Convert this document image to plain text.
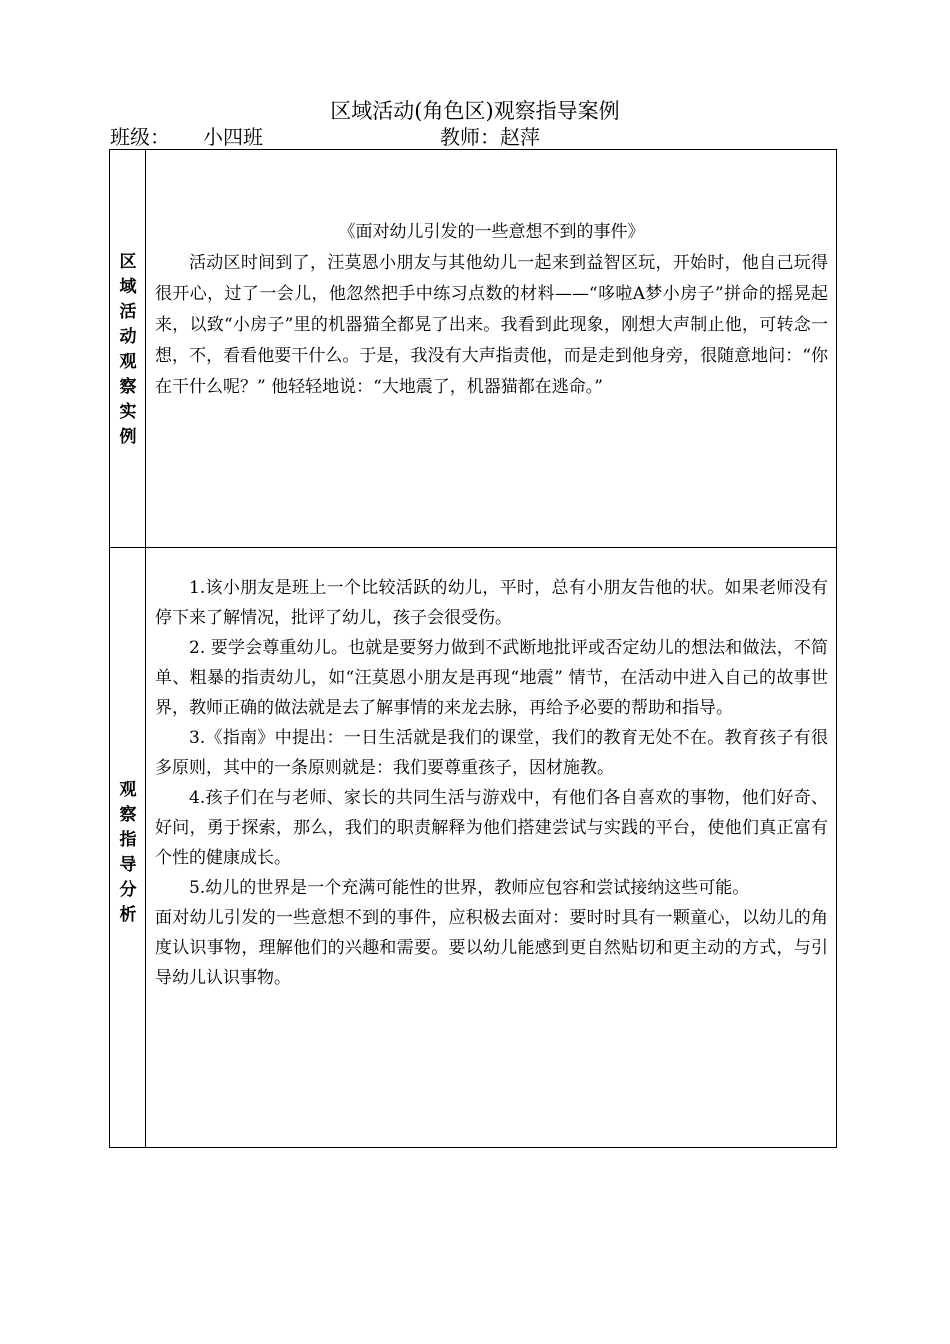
区域活动(角色区)观察指导案例
班级： 小四班	教师： 赵萍
区域活动观察实例

《面对幼儿引发的一些意想不到的事件》

活动区时间到了，汪莫恩小朋友与其他幼儿一起来到益智区玩，开始时，他自己玩得很开心，过了一会儿，他忽然把手中练习点数的材料——“哆啦A梦小房子”拼命的摇晃起来，以致“小房子”里的机器猫全都晃了出来。我看到此现象，刚想大声制止他，可转念一想，不，看看他要干什么。于是，我没有大声指责他，而是走到他身旁，很随意地问：“你在干什么呢？” 他轻轻地说：“大地震了，机器猫都在逃命。”

观察指导分析

1.该小朋友是班上一个比较活跃的幼儿，平时，总有小朋友告他的状。如果老师没有停下来了解情况，批评了幼儿，孩子会很受伤。

2. 要学会尊重幼儿。也就是要努力做到不武断地批评或否定幼儿的想法和做法，不简单、粗暴的指责幼儿，如“汪莫恩小朋友是再现“地震” 情节，在活动中进入自己的故事世界，教师正确的做法就是去了解事情的来龙去脉，再给予必要的帮助和指导。

3.《指南》中提出：一日生活就是我们的课堂，我们的教育无处不在。教育孩子有很多原则，其中的一条原则就是：我们要尊重孩子，因材施教。

4.孩子们在与老师、家长的共同生活与游戏中，有他们各自喜欢的事物，他们好奇、好问，勇于探索，那么，我们的职责解释为他们搭建尝试与实践的平台，使他们真正富有个性的健康成长。

5.幼儿的世界是一个充满可能性的世界，教师应包容和尝试接纳这些可能。

面对幼儿引发的一些意想不到的事件，应积极去面对：要时时具有一颗童心，以幼儿的角度认识事物，理解他们的兴趣和需要。要以幼儿能感到更自然贴切和更主动的方式，与引导幼儿认识事物。
